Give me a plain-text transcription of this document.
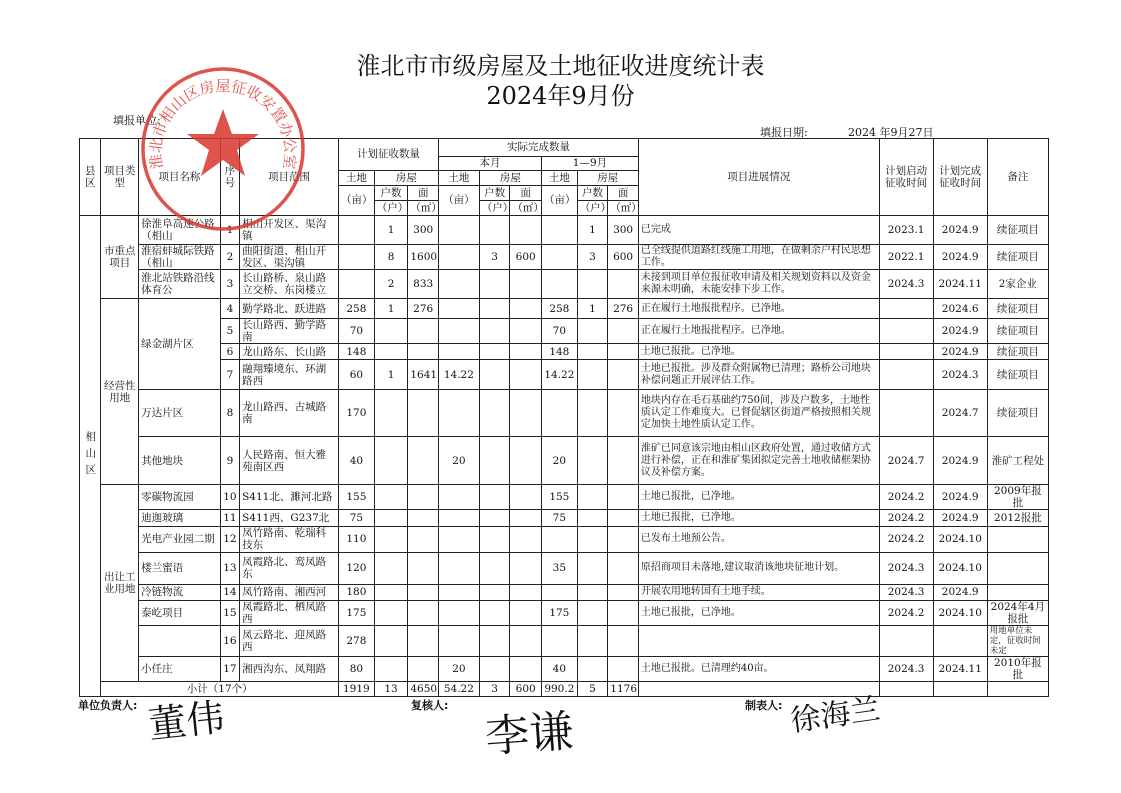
淮北市市级房屋及土地征收进度统计表
2024年9月份
填报单位:
填报日期:	2024 年9月27日
县区	项目类型	项目名称	序号	项目范围	计划征收数量			实际完成数量						项目进展情况	计划启动征收时间	计划完成征收时间	备注
								本月			1—9月						
					土地	房屋		土地	房屋		土地	房屋					
					（亩）	户数	面	（亩）	户数	面	（亩）	户数	面				
						（户）	（㎡）		（户）	（㎡）		（户）	（㎡）				
相山区	市重点项目	徐淮阜高速公路（相山	1	相山开发区、渠沟镇		1	300					1	300	已完成	2023.1	2024.9	续征项目
		淮宿蚌城际铁路（相山	2	曲阳街道、相山开发区、渠沟镇		8	1600		3	600		3	600	已全线提供道路红线施工用地，在做剩余户村民思想工作。	2022.1	2024.9	续征项目
		淮北站铁路沿线体育公	3	长山路桥、泉山路立交桥、东岗楼立		2	833							未接到项目单位报征收申请及相关规划资料以及资金来源未明确，未能安排下步工作。	2024.3	2024.11	2家企业
	经营性用地	绿金湖片区	4	勤学路北、跃进路	258	1	276				258	1	276	正在履行土地报批程序。已净地。		2024.6	续征项目
			5	长山路西、勤学路南	70						70			正在履行土地报批程序。已净地。		2024.9	续征项目
			6	龙山路东、长山路	148						148			土地已报批。已净地。		2024.9	续征项目
			7	融翔臻境东、环湖路西	60	1	1641	14.22			14.22			土地已报批。涉及群众附属物已清理；路桥公司地块补偿问题正开展评估工作。		2024.3	续征项目
		万达片区	8	龙山路西、古城路南	170									地块内存在毛石基础约750间，涉及户数多，土地性质认定工作难度大。已督促辖区街道严格按照相关规定加快土地性质认定工作。		2024.7	续征项目
		其他地块	9	人民路南、恒大雅苑南区西	40			20			20			淮矿已同意该宗地由相山区政府处置，通过收储方式进行补偿，正在和淮矿集团拟定完善土地收储框架协议及补偿方案。	2024.7	2024.9	淮矿工程处
	出让工业用地	零碳物流园	10	S411北、濉河北路	155						155			土地已报批，已净地。	2024.2	2024.9	2009年报批
		迪迦玻璃	11	S411西、G237北	75						75			土地已报批，已净地。	2024.2	2024.9	2012报批
		光电产业园二期	12	凤竹路南、乾瑞科技东	110									已发布土地预公告。	2024.2	2024.10	
		楼兰蜜语	13	凤霞路北、鸾凤路东	120						35			原招商项目未落地,建议取消该地块征地计划。	2024.3	2024.10	
		冷链物流	14	凤竹路南、湘西河	180									开展农用地转国有土地手续。	2024.3	2024.9	
		泰屹项目	15	凤霞路北、栖凤路西	175						175			土地已报批，已净地。	2024.2	2024.10	2024年4月报批
			16	凤云路北、迎凤路西	278												用地单位未定，征收时间未定
		小任庄	17	湘西沟东、凤翔路	80			20			40			土地已报批。已清理约40亩。	2024.3	2024.11	2010年报批
	小计（17个）				1919	13	4650	54.22	3	600	990.2	5	1176				
单位负责人:	复核人:	制表人:
董伟	李谦	徐海兰
淮北市相山区房屋征收安置办公室
